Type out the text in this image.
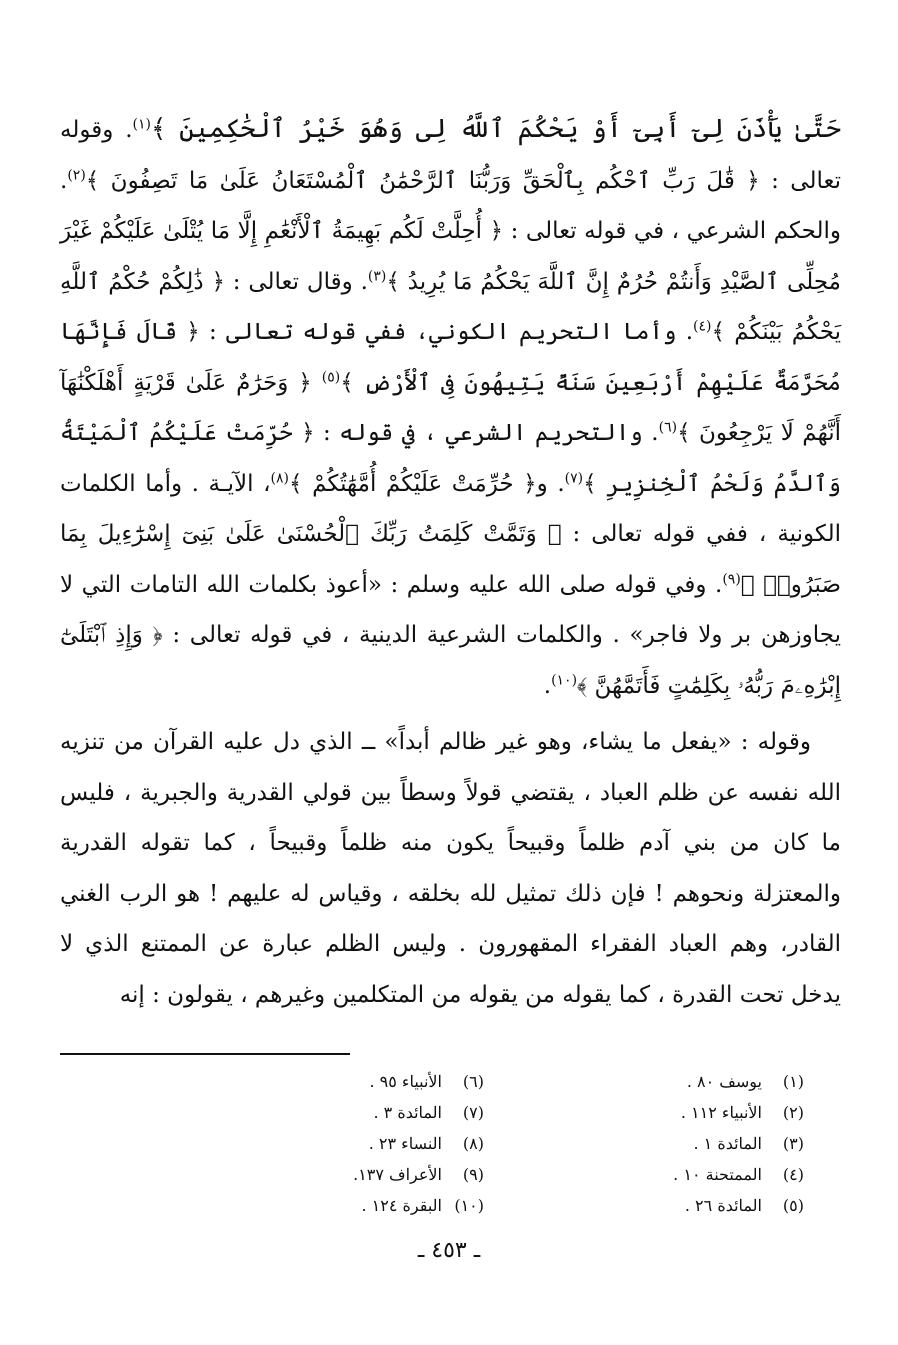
حَتَّىٰ يَأْذَنَ لِىٓ أَبِىٓ أَوْ يَحْكُمَ ٱللَّهُ لِى وَهُوَ خَيْرُ ٱلْحَٰكِمِينَ ﴾$^{(١)}$. وقوله تعالى : ﴿ قَٰلَ رَبِّ ٱحْكُم بِٱلْحَقِّ وَرَبُّنَا ٱلرَّحْمَٰنُ ٱلْمُسْتَعَانُ عَلَىٰ مَا تَصِفُونَ ﴾$^{(٢)}$. والحكم الشرعي ، في قوله تعالى : ﴿ أُحِلَّتْ لَكُم بَهِيمَةُ ٱلْأَنْعَٰمِ إِلَّا مَا يُتْلَىٰ عَلَيْكُمْ غَيْرَ مُحِلِّى ٱلصَّيْدِ وَأَنتُمْ حُرُمٌ إِنَّ ٱللَّهَ يَحْكُمُ مَا يُرِيدُ ﴾$^{(٣)}$. وقال تعالى : ﴿ ذَٰلِكُمْ حُكْمُ ٱللَّهِ يَحْكُمُ بَيْنَكُمْ ﴾$^{(٤)}$. وأما التحريم الكوني، ففي قوله تعالى : ﴿ قَالَ فَإِنَّهَا مُحَرَّمَةٌ عَلَيْهِمْ أَرْبَعِينَ سَنَةً يَتِيهُونَ فِى ٱلْأَرْضِ ﴾$^{(٥)}$ ﴿ وَحَرَٰمٌ عَلَىٰ قَرْيَةٍ أَهْلَكْنَٰهَآ أَنَّهُمْ لَا يَرْجِعُونَ ﴾$^{(٦)}$. والتحريم الشرعي ، في قوله : ﴿ حُرِّمَتْ عَلَيْكُمُ ٱلْمَيْتَةُ وَٱلدَّمُ وَلَحْمُ ٱلْخِنزِيرِ ﴾$^{(٧)}$. و﴿ حُرِّمَتْ عَلَيْكُمْ أُمَّهَٰتُكُمْ ﴾$^{(٨)}$، الآيـة . وأما الكلمات الكونية ، ففي قوله تعالى : ﴿ وَتَمَّتْ كَلِمَتُ رَبِّكَ ٱلْحُسْنَىٰ عَلَىٰ بَنِىٓ إِسْرَٰٓءِيلَ بِمَا صَبَرُوا۟ ﴾$^{(٩)}$. وفي قوله صلى الله عليه وسلم : «أعوذ بكلمات الله التامات التي لا يجاوزهن بر ولا فاجر» . والكلمات الشرعية الدينية ، في قوله تعالى : ﴿ وَإِذِ ٱبْتَلَىٰٓ إِبْرَٰهِۦمَ رَبُّهُۥ بِكَلِمَٰتٍ فَأَتَمَّهُنَّ ﴾$^{(١٠)}$.

وقوله : «يفعل ما يشاء، وهو غير ظالم أبداً» ــ الذي دل عليه القرآن من تنزيه الله نفسه عن ظلم العباد ، يقتضي قولاً وسطاً بين قولي القدرية والجبرية ، فليس ما كان من بني آدم ظلماً وقبيحاً يكون منه ظلماً وقبيحاً ، كما تقوله القدرية والمعتزلة ونحوهم ! فإن ذلك تمثيل لله بخلقه ، وقياس له عليهم ! هو الرب الغني القادر، وهم العباد الفقراء المقهورون . وليس الظلم عبارة عن الممتنع الذي لا يدخل تحت القدرة ، كما يقوله من يقوله من المتكلمين وغيرهم ، يقولون : إنه

(١)يوسف ٨٠ .
(٢)الأنبياء ١١٢ .
(٣)المائدة ١ .
(٤)الممتحنة ١٠ .
(٥)المائدة ٢٦ .
(٦)الأنبياء ٩٥ .
(٧)المائدة ٣ .
(٨)النساء ٢٣ .
(٩)الأعراف ١٣٧.
(١٠)البقرة ١٢٤ .
ـ ٤٥٣ ـ
